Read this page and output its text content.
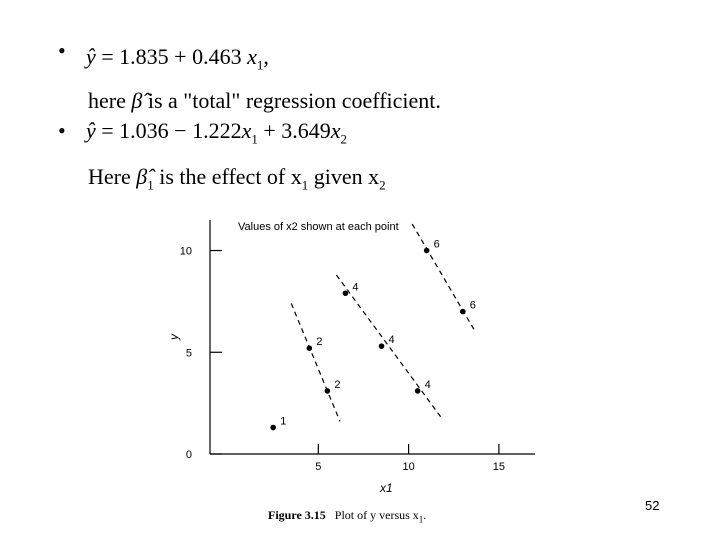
• ŷ = 1.835 + 0.463 $x_1$,
here β̂ is a "total" regression coefficient.
• ŷ = $1.036 - 1.222x_1 + 3.649x_2$
Here $\betâ_1$ is the effect of $x_1$ given $x_2$
0
5
10
5	10	15
1
2
2
4
4
4
6
6
Values of x2 shown at each point
x1
y
Figure 3.15 Plot of y versus $x_1$.
52
